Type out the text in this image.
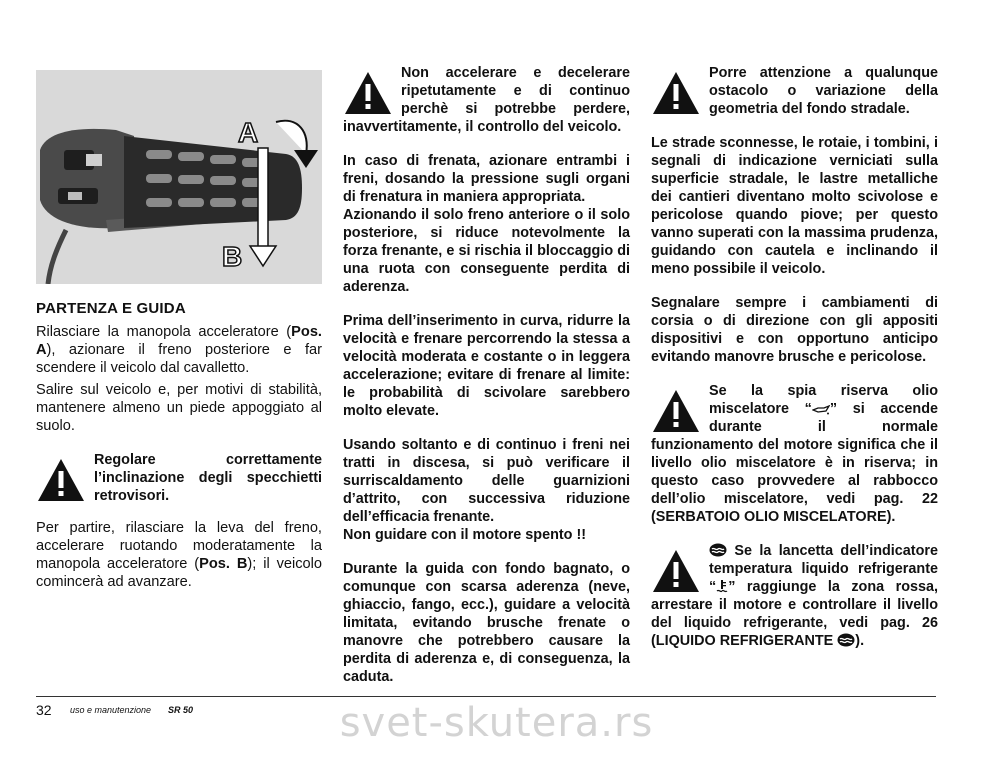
A
B
PARTENZA E GUIDA

Rilasciare la manopola acceleratore (Pos. A), azionare il freno posteriore e far scendere il veicolo dal cavalletto.

Salire sul veicolo e, per motivi di stabilità, mantenere almeno un piede appoggiato al suolo.

Regolare correttamente l’inclinazione degli specchietti retrovisori.

Per partire, rilasciare la leva del freno, accelerare ruotando moderatamente la manopola acceleratore (Pos. B); il veicolo comincerà ad avanzare.

Non accelerare e decelerare ripetutamente e di continuo perchè si potrebbe perdere, inavvertitamente, il controllo del veicolo.

In caso di frenata, azionare entrambi i freni, dosando la pressione sugli organi di frenatura in maniera appropriata.

Azionando il solo freno anteriore o il solo posteriore, si riduce notevolmente la forza frenante, e si rischia il bloccaggio di una ruota con conseguente perdita di aderenza.

Prima dell’inserimento in curva, ridurre la velocità e frenare percorrendo la stessa a velocità moderata e costante o in leggera accelerazione; evitare di frenare al limite: le probabilità di scivolare sarebbero molto elevate.

Usando soltanto e di continuo i freni nei tratti in discesa, si può verificare il surriscaldamento delle guarnizioni d’attrito, con successiva riduzione dell’efficacia frenante.

Non guidare con il motore spento !!

Durante la guida con fondo bagnato, o comunque con scarsa aderenza (neve, ghiaccio, fango, ecc.), guidare a velocità limitata, evitando brusche frenate o manovre che potrebbero causare la perdita di aderenza e, di conseguenza, la caduta.

Porre attenzione a qualunque ostacolo o variazione della geometria del fondo stradale.

Le strade sconnesse, le rotaie, i tombini, i segnali di indicazione verniciati sulla superficie stradale, le lastre metalliche dei cantieri diventano molto scivolose e pericolose quando piove; per questo vanno superati con la massima prudenza, guidando con cautela e inclinando il meno possibile il veicolo.

Segnalare sempre i cambiamenti di corsia o di direzione con gli appositi dispositivi e con opportuno anticipo evitando manovre brusche e pericolose.

Se la spia riserva olio miscelatore “ ” si accende durante il normale funzionamento del motore significa che il livello olio miscelatore è in riserva; in questo caso provvedere al rabbocco dell’olio miscelatore, vedi pag. 22 (SERBATOIO OLIO MISCELATORE).

Se la lancetta dell’indicatore temperatura liquido refrigerante “ ” raggiunge la zona rossa, arrestare il motore e controllare il livello del liquido refrigerante, vedi pag. 26 (LIQUIDO REFRIGERANTE ).

32 uso e manutenzione SR 50	svet-skutera.rs
